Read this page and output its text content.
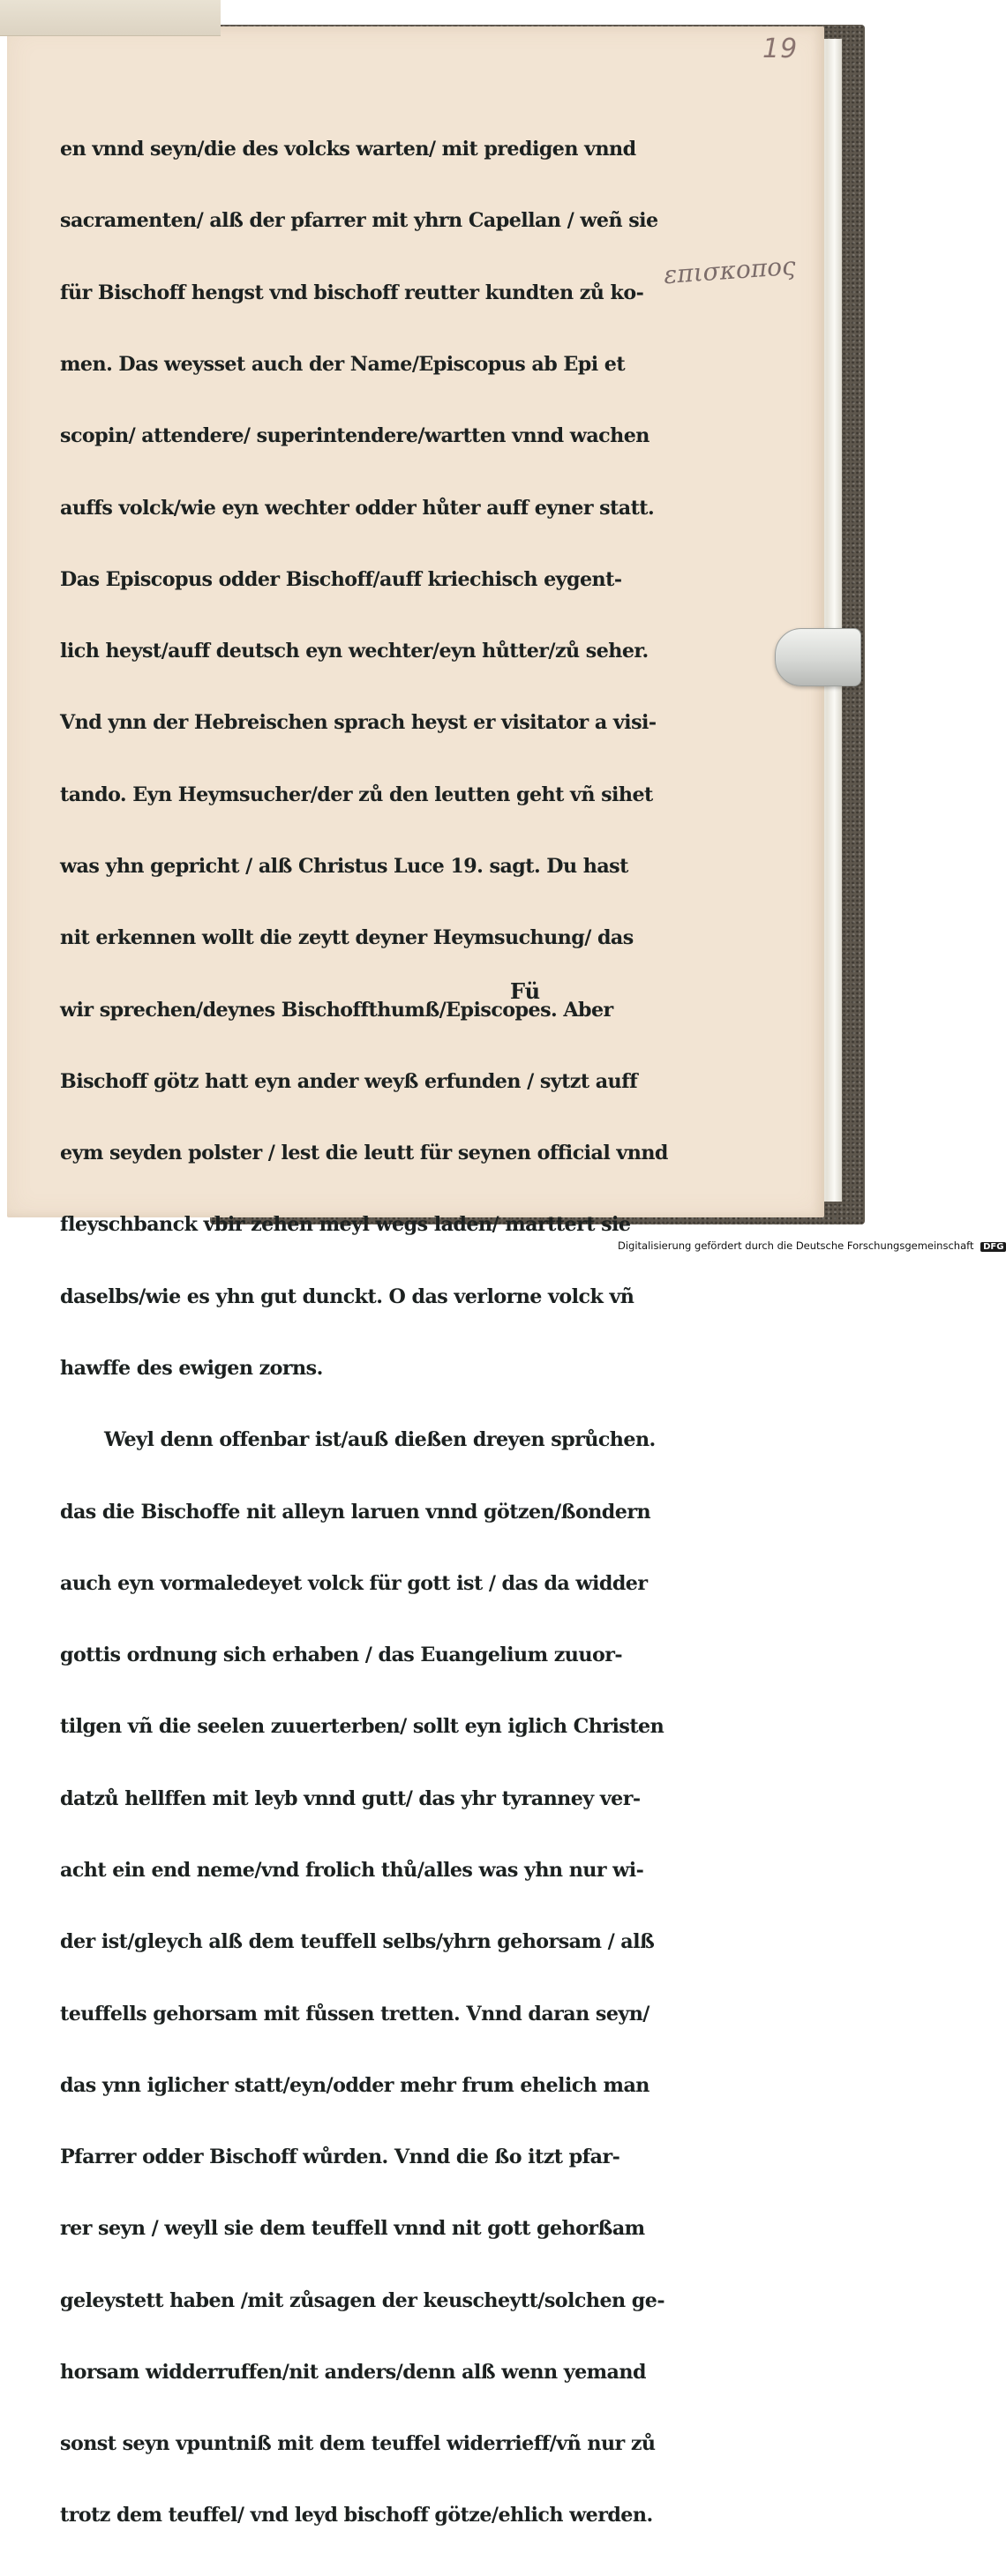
19
επισκοπος

en vnnd seyn/die des volcks warten/ mit predigen vnnd

sacramenten/ alß der pfarrer mit yhrn Capellan / weñ sie

für Bischoff hengst vnd bischoff reutter kundten zů ko-

men. Das weysset auch der Name/Episcopus ab Epi et

scopin/ attendere/ superintendere/wartten vnnd wachen

auffs volck/wie eyn wechter odder hůter auff eyner statt.

Das Episcopus odder Bischoff/auff kriechisch eygent-

lich heyst/auff deutsch eyn wechter/eyn hůtter/zů seher.

Vnd ynn der Hebreischen sprach heyst er visitator a visi-

tando. Eyn Heymsucher/der zů den leutten geht vñ sihet

was yhn gepricht / alß Christus Luce 19. sagt. Du hast

nit erkennen wollt die zeytt deyner Heymsuchung/ das

wir sprechen/deynes Bischoffthumß/Episcopes. Aber

Bischoff götz hatt eyn ander weyß erfunden / sytzt auff

eym seyden polster / lest die leutt für seynen official vnnd

fleyschbanck vbir zehen meyl wegs laden/ marttert sie

daselbs/wie es yhn gut dunckt. O das verlorne volck vñ

hawffe des ewigen zorns.

Weyl denn offenbar ist/auß dießen dreyen sprůchen.

das die Bischoffe nit alleyn laruen vnnd götzen/ßondern

auch eyn vormaledeyet volck für gott ist / das da widder

gottis ordnung sich erhaben / das Euangelium zuuor-

tilgen vñ die seelen zuuerterben/ sollt eyn iglich Christen

datzů hellffen mit leyb vnnd gutt/ das yhr tyranney ver-

acht ein end neme/vnd frolich thů/alles was yhn nur wi-

der ist/gleych alß dem teuffell selbs/yhrn gehorsam / alß

teuffells gehorsam mit fůssen tretten. Vnnd daran seyn/

das ynn iglicher statt/eyn/odder mehr frum ehelich man

Pfarrer odder Bischoff wůrden. Vnnd die ßo itzt pfar-

rer seyn / weyll sie dem teuffell vnnd nit gott gehorßam

geleystett haben /mit zůsagen der keuscheytt/solchen ge-

horsam widderruffen/nit anders/denn alß wenn yemand

sonst seyn vpuntniß mit dem teuffel widerrieff/vñ nur zů

trotz dem teuffel/ vnd leyd bischoff götze/ehlich werden.

Fü
Digitalisierung gefördert durch die Deutsche Forschungsgemeinschaft DFG
